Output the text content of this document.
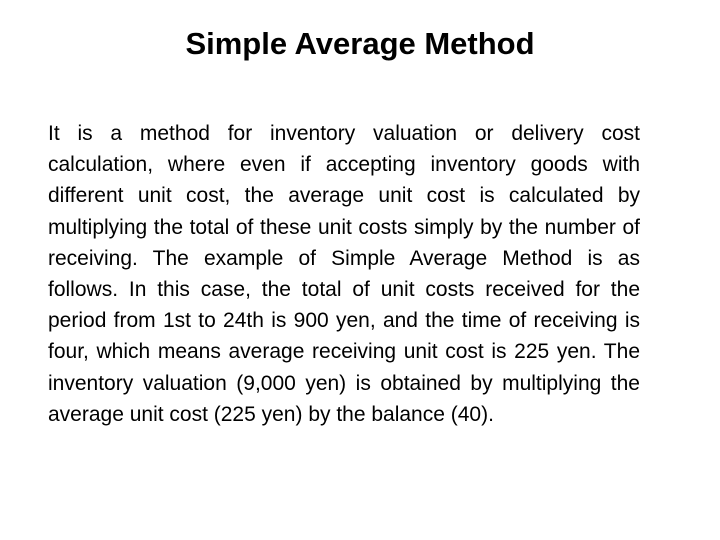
Simple Average Method

It is a method for inventory valuation or delivery cost calculation, where even if accepting inventory goods with different unit cost, the average unit cost is calculated by multiplying the total of these unit costs simply by the number of receiving. The example of Simple Average Method is as follows. In this case, the total of unit costs received for the period from 1st to 24th is 900 yen, and the time of receiving is four, which means average receiving unit cost is 225 yen. The inventory valuation (9,000 yen) is obtained by multiplying the average unit cost (225 yen) by the balance (40).
